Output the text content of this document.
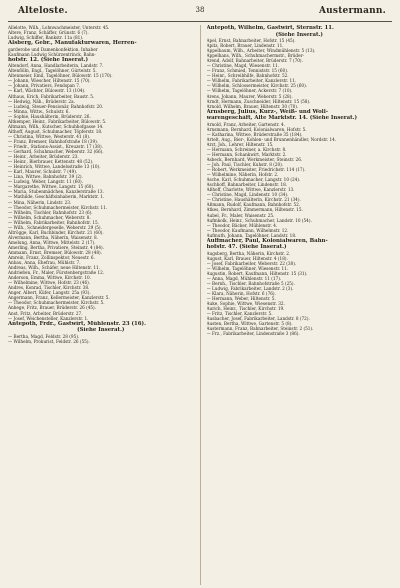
Alteloste.	38	Austermann.
Allelotte, Wilh., Lohnwachmeister, Unterstr. 45.
Altere, Franz, Schäffer, Grünstr. 6 (7).
Ludwig, Schiffer, Bankstr. 11a (81).
Alsberg, Gebr., Manufakturwaren, Herren-
garderobe und Damenkonfektion. Inhaber
Kaufmann Ludwig Schürzentrinck, Bahn-
hofstr. 12. (Siehe Inserat.)
Altendorf, Anna, Handlarbeiterin, Landstr. 7.
Altenfölln, Engl., Tagelöhner, Gürtelstr. 5.
Altenmeier, Emil, Tagelöhner, Bülowstr. 15 (170).
— Johann, Wiescher, Hiltenstr. 15 (70).
— Johann, Privatiers, Fendspan 7.
— Karl, Wächter, Bülowstr. 13 (104).
Althaus, Erich, Fabrikarbeiter, Baustr. 5.
— Hedwig, Näh., Brüderstr. 2a.
— Ludwig, Steuer-Pensionär, Bahnhofstr. 20.
— Minna, Wittw., Schulstr. 6.
— Sophie, Haushälterin, Brüderstr. 26.
Altkemper, Heinr., Fabrikarbeiter, Bülowstr. 5.
Altmann, Wilh., Kutscher, Schuhhofgasse 14.
Althoff, August, Schuhmacher, Töpferstr. 18.
— Christina, Wittwe, Westerstr. 41 (8).
— Franz, Bremser, Bahnhofstraße 18 (39).
— Friedr., Stations-Assist., Kreuzstr. 17 (38).
— Gerhard, Schuhmacher, Weberstr. 32 (66).
— Heinr., Arbeiter, Brüderstr. 23.
— Heinr., Bierbrauer, Kettenstr. 48 (52).
— Heinrich, Wittwe, Landelsstraße 13 (10).
— Karl, Maurer, Schulstr. 7 (49).
— Lina, Wittwe, Bahnhofstr. 39 (2).
— Ludwig, Weber, Langstr. 11 (60).
— Margarethe, Wittwe, Langstr. 15 (60).
— Maria, Stubenmädchen, Kanzlerstraße 13.
— Mathilde, Geschäftsinhaberin, Marktstr. 1.
— Mina, Näherin, Lindstr. 23.
— Theodor, Schuhmachermeister, Kirchstr. 11.
— Wilhelm, Tischler, Bahnhofstr. 23 (6).
— Wilhelm, Schuhmacher, Weberstr. 8.
— Wilhelm, Fabrikarbeiter, Bahnhofstr. 15.
— Wilh., Schneidergeselle, Weberstr. 29 (5).
Altrögge, Karl, Buchbinder, Kirchstr. 21 (60).
Alvermann, Bertha, Näherin, Waisenstr. 8.
Amelung, Anna, Wittwe, Mittelstr. 2 (17).
Amerling, Bertha, Privatiere, Steinstr. 4 (84).
Ammann, Ernst, Bremser, Bülowstr. 28 (48).
Amrein, Franz, Zollinspektor, Neuestr. 6.
Anbau, Anna, Ehefrau, Mühlstr. 7.
Andreas, Wilh., Schäfer, neue Hiltenstr. 11.
Andrießen, Fr., Maler, Fürstenbergstraße 12.
Anderson, Emma, Wittwe, Kirchstr. 10.
— Wilhelmine, Wittwe, Hofstr. 23 (46).
Andres, Konrad, Tischler, Kirchstr. 38.
Anger, Albert, Küfer, Langstr. 25a (93).
Angermann, Franz, Kellermeister, Kanzlerstr. 5.
— Theodor, Schuhmachermeister, Kirchstr. 5.
Anhege, Fritz, Brauer, Brüderstr. 26 (45).
Anst, Fritz, Arbeiter, Brüderstr. 27.
— Josef, Weichensteller, Kanzlerstr. 1.
Antepoth, Frdr., Gastwirt, Mühlenstr. 23 (16).
(Siehe Inserat.)
— Bertha, Magd, Feldstr. 28 (95).
— Wilhelm, Prokurist, Feldstr. 26 (55).
Antepoth, Wilhelm, Gastwirt, Sternstr. 11.
(Siehe Inserat.)
Apel, Ernst, Bahnarbeiter, Hofstr. 15 (45).
Apitz, Robert, Brauer, Lindenstr. 11.
Appelbaum, Wilh., Arbeiter, Windmühlenstr. 5 (13).
Appelhans, Wilh., Schuhmachermstr., Brüder-
Arend, Adolf, Bahnarbeiter, Brüderstr. 7 (70).
— Christine, Magd, Wiesenstr. 11.
— Franz, Schmied, Tenniststr. 15 (60).
— Heinr., Schreibhilfe, Bahnhofstr. 52.
— Wilhelm, Fabrikarbeiter, Kanzlerstr. 11.
— Wilhelm, Schlossermeister, Kirchstr. 25 (60).
— Wilhelm, Tagelöhner, Ackerstr. 7 (10).
Arens, Johann, Maurer, Weberstr. 5 (28).
Arndt, Hermann, Zuschneider, Hiltenstr. 15 (58).
Arnold, Wilhelm, Brauer, Hiltenstr. 30 (70).
Arnsberg, Julius, Kurz-, Weiß- und Woll-
warengeschäft, Alte Marktstr. 14. (Siehe Inserat.)
Arnold, Franz, Arbeiter, Gartenstr. 4.
Arnsmann, Bernhard, Kolonialwaren, Hofstr. 5.
— Katharina, Wittwe, Brüderstraße 35 (184).
Artelt, Aug., Bier-, Kohlen- und Brunnenhändler, Nordstr. 14.
Arzt, Joh., Lehrer, Hiltenstr. 15.
— Hermann, Schreiner, a. Kirchstr. 8.
— Hermann, Schankwirt, Marktstr. 2.
Asbeck, Bernhard, Werkmeister, Steinstr. 26.
— Joh. Paul, Tischler, Kuhstr. 8 (20).
— Robert, Werkmeister, Friedrichstr. 114 (17).
— Wilhelmine, Näherin, Hofstr. 2.
Asche, Karl, Schuhmacher, Langstr. 10 (24).
Aschhoff, Bahnarbeiter, Lindenstr. 18.
Aßhoff, Charlotte, Wittwe, Kanzlerstr. 13.
— Christine, Magd, Lindenstr. 10 (34).
— Christine, Haushälterin, Kirchstr. 21 (34).
Aßmann, Rudolf, Kaufmann, Bahnhofstr. 52.
Atkes, Bernhard, Zimmermann, Hiltenstr. 15.
Aubel, Fr., Maler, Waisenstr. 25.
Aufmkolk, Heinr., Schuhmacher, Landstr. 10 (54).
— Theodor, Bäcker, Mühlenstr. 4.
— Theodor, Kaufmann, Wilhelmstr. 12.
Aufmuth, Johann, Tagelöhner, Landstr. 18.
Auffmacher, Paul, Kolonialwaren, Bahn-
hofstr. 47. (Siehe Inserat.)
Augsberg, Bertha, Näherin, Kirchstr. 2.
August, Karl, Brauer, Hiltenstr. 4 (18).
— Josef, Fabrikarbeiter, Weberstr. 22 (38).
— Wilhelm, Tagelöhner, Wiesenstr. 11.
Augustin, Robert, Kaufmann, Hiltenstr. 15 (31).
— Anna, Magd, Mühlenstr. 11 (17).
— Bernh., Tischler, Bahnhofstraße 5 (25).
— Ludwig, Fabrikarbeiter, Landstr. 2 (3).
— Klara, Näherin, Hofstr. 6 (76).
— Hermann, Weber, Hiltenstr. 5.
Auke, Sophie, Wittwe, Wiesenstr. 32.
Aurich, Heinr., Tischler, Kirchstr. 19.
— Fritz, Tischler, Kanzlerstr. 5.
Ausbacher, Josef, Fabrikarbeiter, Landstr. 8 (72).
Austen, Bertha, Wittwe, Gartenstr. 5 (8).
Austermann, Franz, Bahnarbeiter, Steinstr. 2 (51).
— Frz., Fabrikarbeiter, Lindenstraße 3 (86).
